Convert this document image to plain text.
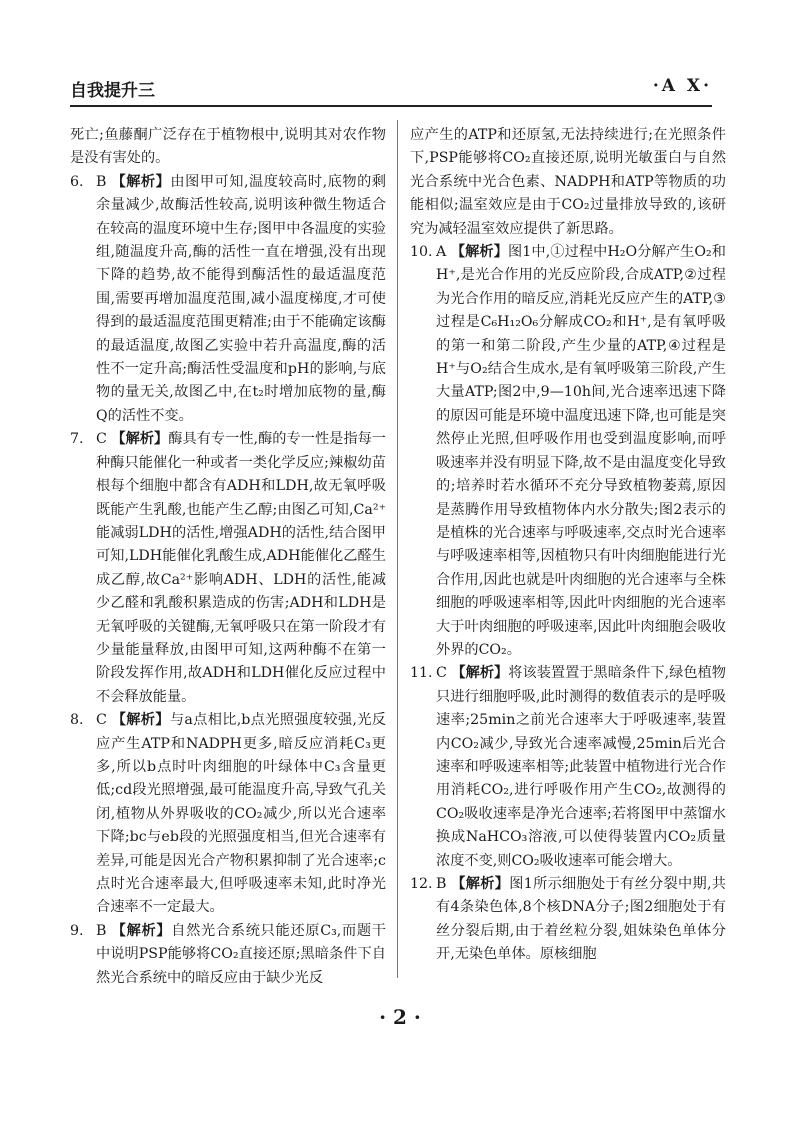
自我提升三	·A X·

死亡;鱼藤酮广泛存在于植物根中,说明其对农作物是没有害处的。

6. B 【解析】由图甲可知,温度较高时,底物的剩余量减少,故酶活性较高,说明该种微生物适合在较高的温度环境中生存;图甲中各温度的实验组,随温度升高,酶的活性一直在增强,没有出现下降的趋势,故不能得到酶活性的最适温度范围,需要再增加温度范围,减小温度梯度,才可使得到的最适温度范围更精准;由于不能确定该酶的最适温度,故图乙实验中若升高温度,酶的活性不一定升高;酶活性受温度和pH的影响,与底物的量无关,故图乙中,在t₂时增加底物的量,酶Q的活性不变。
7. C 【解析】酶具有专一性,酶的专一性是指每一种酶只能催化一种或者一类化学反应;辣椒幼苗根每个细胞中都含有ADH和LDH,故无氧呼吸既能产生乳酸,也能产生乙醇;由图乙可知,Ca²⁺能减弱LDH的活性,增强ADH的活性,结合图甲可知,LDH能催化乳酸生成,ADH能催化乙醛生成乙醇,故Ca²⁺影响ADH、LDH的活性,能减少乙醛和乳酸积累造成的伤害;ADH和LDH是无氧呼吸的关键酶,无氧呼吸只在第一阶段才有少量能量释放,由图甲可知,这两种酶不在第一阶段发挥作用,故ADH和LDH催化反应过程中不会释放能量。
8. C 【解析】与a点相比,b点光照强度较强,光反应产生ATP和NADPH更多,暗反应消耗C₃更多,所以b点时叶肉细胞的叶绿体中C₃含量更低;cd段光照增强,最可能温度升高,导致气孔关闭,植物从外界吸收的CO₂减少,所以光合速率下降;bc与eb段的光照强度相当,但光合速率有差异,可能是因光合产物积累抑制了光合速率;c点时光合速率最大,但呼吸速率未知,此时净光合速率不一定最大。
9. B 【解析】自然光合系统只能还原C₃,而题干中说明PSP能够将CO₂直接还原;黑暗条件下自然光合系统中的暗反应由于缺少光反

应产生的ATP和还原氢,无法持续进行;在光照条件下,PSP能够将CO₂直接还原,说明光敏蛋白与自然光合系统中光合色素、NADPH和ATP等物质的功能相似;温室效应是由于CO₂过量排放导致的,该研究为减轻温室效应提供了新思路。

10. A 【解析】图1中,①过程中H₂O分解产生O₂和H⁺,是光合作用的光反应阶段,合成ATP,②过程为光合作用的暗反应,消耗光反应产生的ATP,③过程是C₆H₁₂O₆分解成CO₂和H⁺,是有氧呼吸的第一和第二阶段,产生少量的ATP,④过程是H⁺与O₂结合生成水,是有氧呼吸第三阶段,产生大量ATP;图2中,9—10h间,光合速率迅速下降的原因可能是环境中温度迅速下降,也可能是突然停止光照,但呼吸作用也受到温度影响,而呼吸速率并没有明显下降,故不是由温度变化导致的;培养时若水循环不充分导致植物萎蔫,原因是蒸腾作用导致植物体内水分散失;图2表示的是植株的光合速率与呼吸速率,交点时光合速率与呼吸速率相等,因植物只有叶肉细胞能进行光合作用,因此也就是叶肉细胞的光合速率与全株细胞的呼吸速率相等,因此叶肉细胞的光合速率大于叶肉细胞的呼吸速率,因此叶肉细胞会吸收外界的CO₂。
11. C 【解析】将该装置置于黑暗条件下,绿色植物只进行细胞呼吸,此时测得的数值表示的是呼吸速率;25min之前光合速率大于呼吸速率,装置内CO₂减少,导致光合速率减慢,25min后光合速率和呼吸速率相等;此装置中植物进行光合作用消耗CO₂,进行呼吸作用产生CO₂,故测得的CO₂吸收速率是净光合速率;若将图甲中蒸馏水换成NaHCO₃溶液,可以使得装置内CO₂质量浓度不变,则CO₂吸收速率可能会增大。
12. B 【解析】图1所示细胞处于有丝分裂中期,共有4条染色体,8个核DNA分子;图2细胞处于有丝分裂后期,由于着丝粒分裂,姐妹染色单体分开,无染色单体。原核细胞
· 2 ·
